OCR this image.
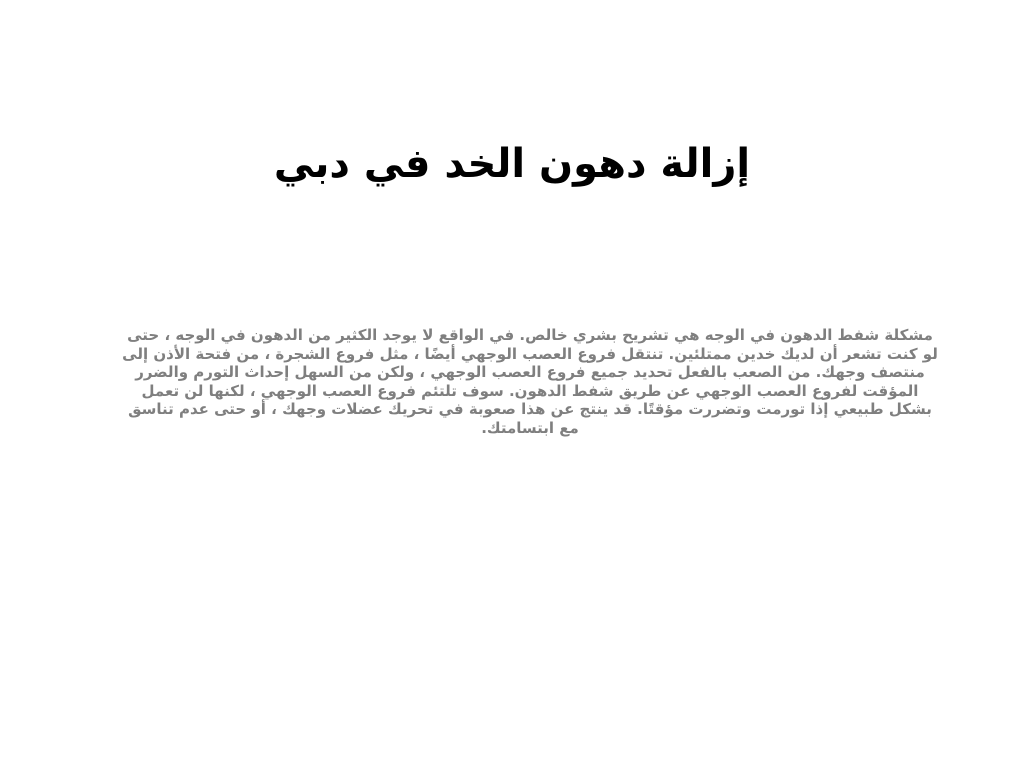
إزالة دهون الخد في دبي
مشكلة شفط الدهون في الوجه هي تشريح بشري خالص. في الواقع لا يوجد الكثير من الدهون في الوجه ، حتى لو كنت تشعر أن لديك خدين ممتلئين. تنتقل فروع العصب الوجهي أيضًا ، مثل فروع الشجرة ، من فتحة الأذن إلى منتصف وجهك. من الصعب بالفعل تحديد جميع فروع العصب الوجهي ، ولكن من السهل إحداث التورم والضرر المؤقت لفروع العصب الوجهي عن طريق شفط الدهون. سوف تلتئم فروع العصب الوجهي ، لكنها لن تعمل بشكل طبيعي إذا تورمت وتضررت مؤقتًا. قد ينتج عن هذا صعوبة في تحريك عضلات وجهك ، أو حتى عدم تناسق مع ابتسامتك.
